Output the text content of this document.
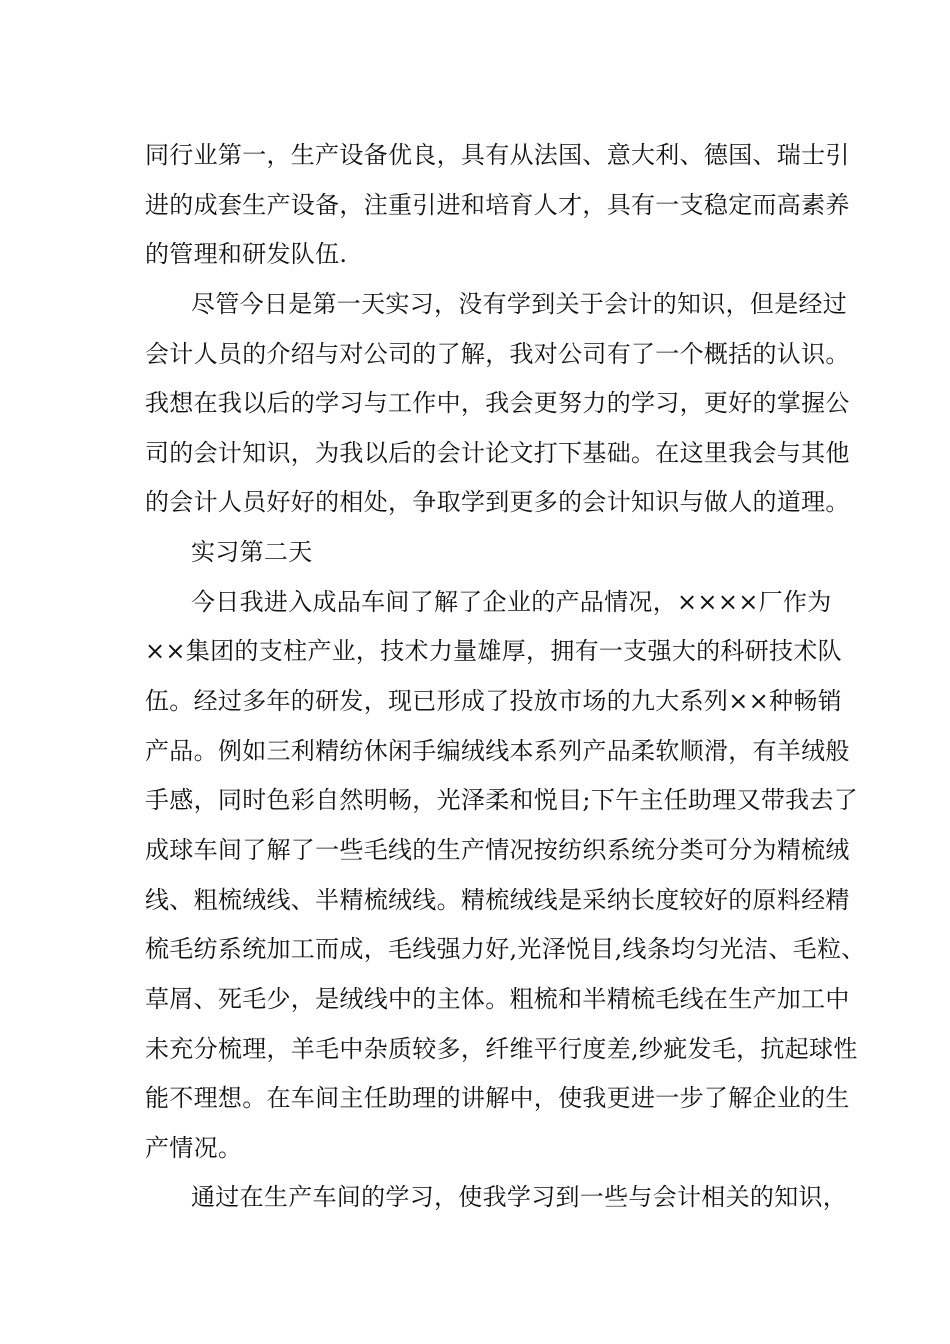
同行业第一，生产设备优良，具有从法国、意大利、德国、瑞士引
进的成套生产设备，注重引进和培育人才，具有一支稳定而高素养
的管理和研发队伍.
尽管今日是第一天实习，没有学到关于会计的知识，但是经过
会计人员的介绍与对公司的了解，我对公司有了一个概括的认识。
我想在我以后的学习与工作中，我会更努力的学习，更好的掌握公
司的会计知识，为我以后的会计论文打下基础。在这里我会与其他
的会计人员好好的相处，争取学到更多的会计知识与做人的道理。
实习第二天
今日我进入成品车间了解了企业的产品情况，××××厂作为
××集团的支柱产业，技术力量雄厚，拥有一支强大的科研技术队
伍。经过多年的研发，现已形成了投放市场的九大系列××种畅销
产品。例如三利精纺休闲手编绒线本系列产品柔软顺滑，有羊绒般
手感，同时色彩自然明畅，光泽柔和悦目;下午主任助理又带我去了
成球车间了解了一些毛线的生产情况按纺织系统分类可分为精梳绒
线、粗梳绒线、半精梳绒线。精梳绒线是采纳长度较好的原料经精
梳毛纺系统加工而成，毛线强力好,光泽悦目,线条均匀光洁、毛粒、
草屑、死毛少，是绒线中的主体。粗梳和半精梳毛线在生产加工中
未充分梳理，羊毛中杂质较多，纤维平行度差,纱疵发毛，抗起球性
能不理想。在车间主任助理的讲解中，使我更进一步了解企业的生
产情况。
通过在生产车间的学习，使我学习到一些与会计相关的知识，
